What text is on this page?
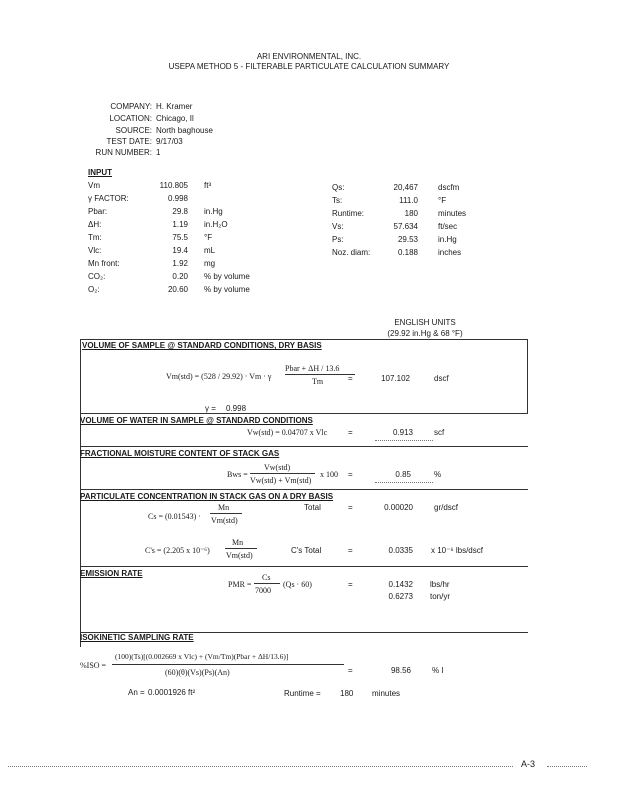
ARI ENVIRONMENTAL, INC.
USEPA METHOD 5 - FILTERABLE PARTICULATE CALCULATION SUMMARY
COMPANY: H. Kramer
LOCATION: Chicago, Il
SOURCE: North baghouse
TEST DATE: 9/17/03
RUN NUMBER: 1
INPUT
Vm	110.805 ft³
γ FACTOR:	0.998
Pbar:	29.8 in.Hg
ΔH:	1.19 in.H₂O
Tm:	75.5 °F
Vlc:	19.4 mL
Mn front:	1.92 mg
CO₂:	0.20 % by volume
O₂:	20.60 % by volume
Qs:	20,467	dscfm
Ts:	111.0	°F
Runtime:	180	minutes
Vs:	57.634	ft/sec
Ps:	29.53	in.Hg
Noz. diam:	0.188	inches
ENGLISH UNITS
(29.92 in.Hg & 68 °F)
VOLUME OF SAMPLE @ STANDARD CONDITIONS, DRY BASIS
Vm(std) = (528 / 29.92) · Vm · γ
Pbar + ΔH / 13.6
Tm
γ = 0.998
=	107.102	dscf
VOLUME OF WATER IN SAMPLE @ STANDARD CONDITIONS
Vw(std) = 0.04707 x Vlc	=	0.913	scf
FRACTIONAL MOISTURE CONTENT OF STACK GAS
Bws =
Vw(std)
Vw(std) + Vm(std)
x 100 =	0.85	%
PARTICULATE CONCENTRATION IN STACK GAS ON A DRY BASIS
Cs = (0.01543) ·
Mn
Vm(std)
Total	=	0.00020	gr/dscf
C's = (2.205 x 10⁻⁶)
Mn
Vm(std)
C's Total	=	0.0335 x 10⁻⁶ lbs/dscf
EMISSION RATE
PMR =
Cs
7000
(Qs · 60)	=	0.1432 lbs/hr
0.6273 ton/yr
ISOKINETIC SAMPLING RATE
(100)(Ts)[(0.002669 x Vlc) + (Vm/Tm)(Pbar + ΔH/13.6)]
%ISO =
(60)(θ)(Vs)(Ps)(An)	=	98.56	% I
An = 0.0001926 ft²	Runtime = 180 minutes
A-3
